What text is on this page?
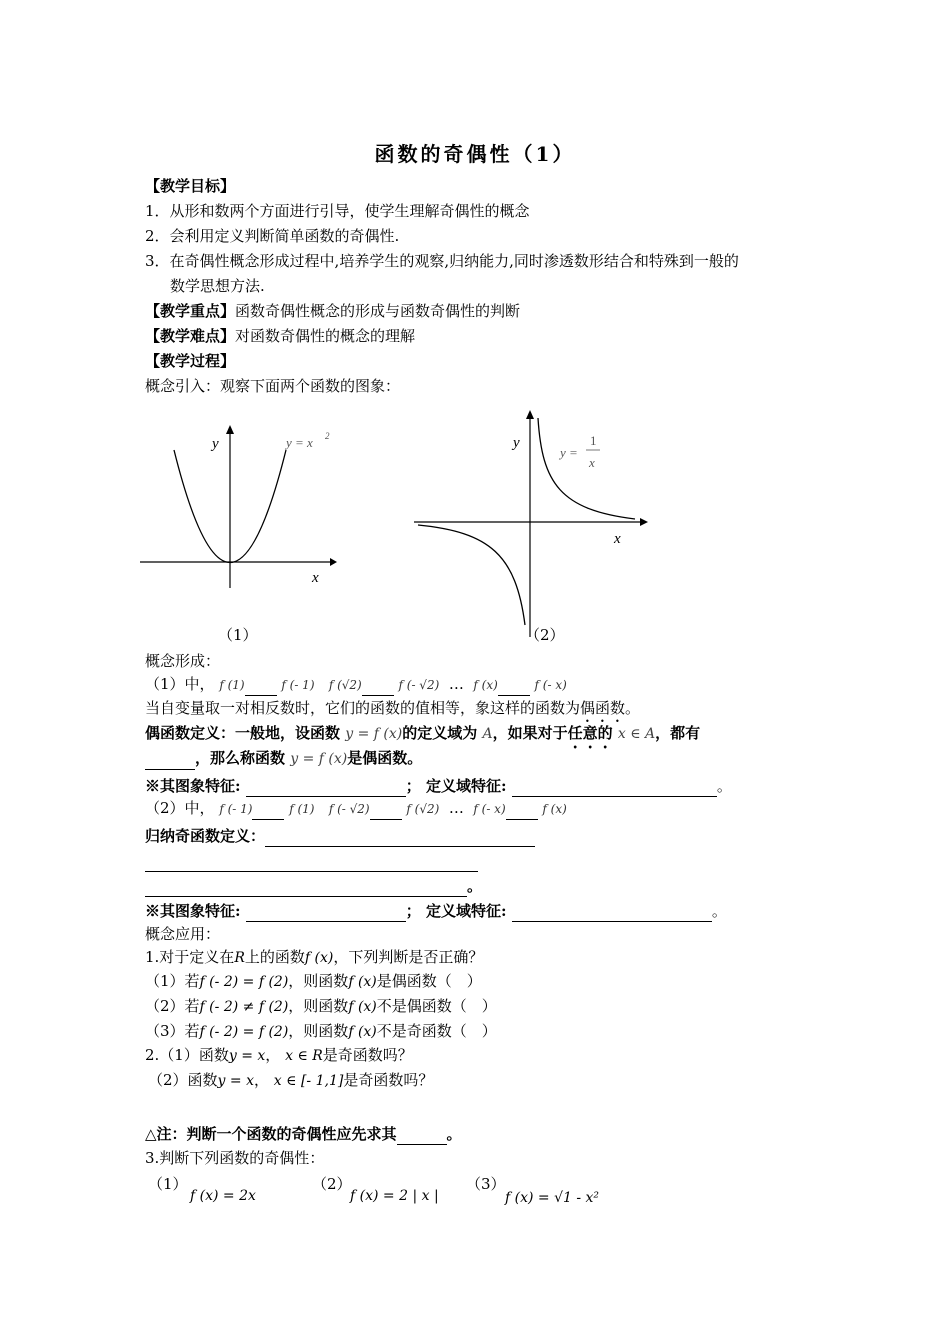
函数的奇偶性（1）
【教学目标】
1．从形和数两个方面进行引导，使学生理解奇偶性的概念
2．会利用定义判断简单函数的奇偶性.
3．在奇偶性概念形成过程中,培养学生的观察,归纳能力,同时渗透数形结合和特殊到一般的
数学思想方法.
【教学重点】函数奇偶性概念的形成与函数奇偶性的判断
【教学难点】对函数奇偶性的概念的理解
【教学过程】
概念引入：观察下面两个函数的图象：
y
x
y = x 2
（1）
y
x
y =
1
x
（2）
概念形成：
（1）中， f (1)	f (- 1) f (√2)	f (- √2) … f (x)	f (- x)
当自变量取一对相反数时，它们的函数的值相等，象这样的函数为偶函数。
偶函数定义：一般地，设函数 y = f (x)的定义域为 A，如果对于任意的 x ∈ A，都有
，那么称函数 y = f (x)是偶函数。
※其图象特征:	； 定义域特征:	。
（2）中， f (- 1)	f (1) f (- √2)	f (√2) … f (- x)	f (x)
归纳奇函数定义：
。
※其图象特征:	； 定义域特征:	。
概念应用：
1.对于定义在R上的函数f (x)，下列判断是否正确？
（1）若f (- 2) = f (2)，则函数f (x)是偶函数（　）
（2）若f (- 2) ≠ f (2)，则函数f (x)不是偶函数（　）
（3）若f (- 2) = f (2)，则函数f (x)不是奇函数（　）
2.（1）函数y = x， x ∈ R是奇函数吗？
（2）函数y = x， x ∈ [- 1,1]是奇函数吗？
△注：判断一个函数的奇偶性应先求其	。
3.判断下列函数的奇偶性：
（1）
f (x) = 2x
（2）
f (x) = 2 | x |
（3）
f (x) = √1 - x²
